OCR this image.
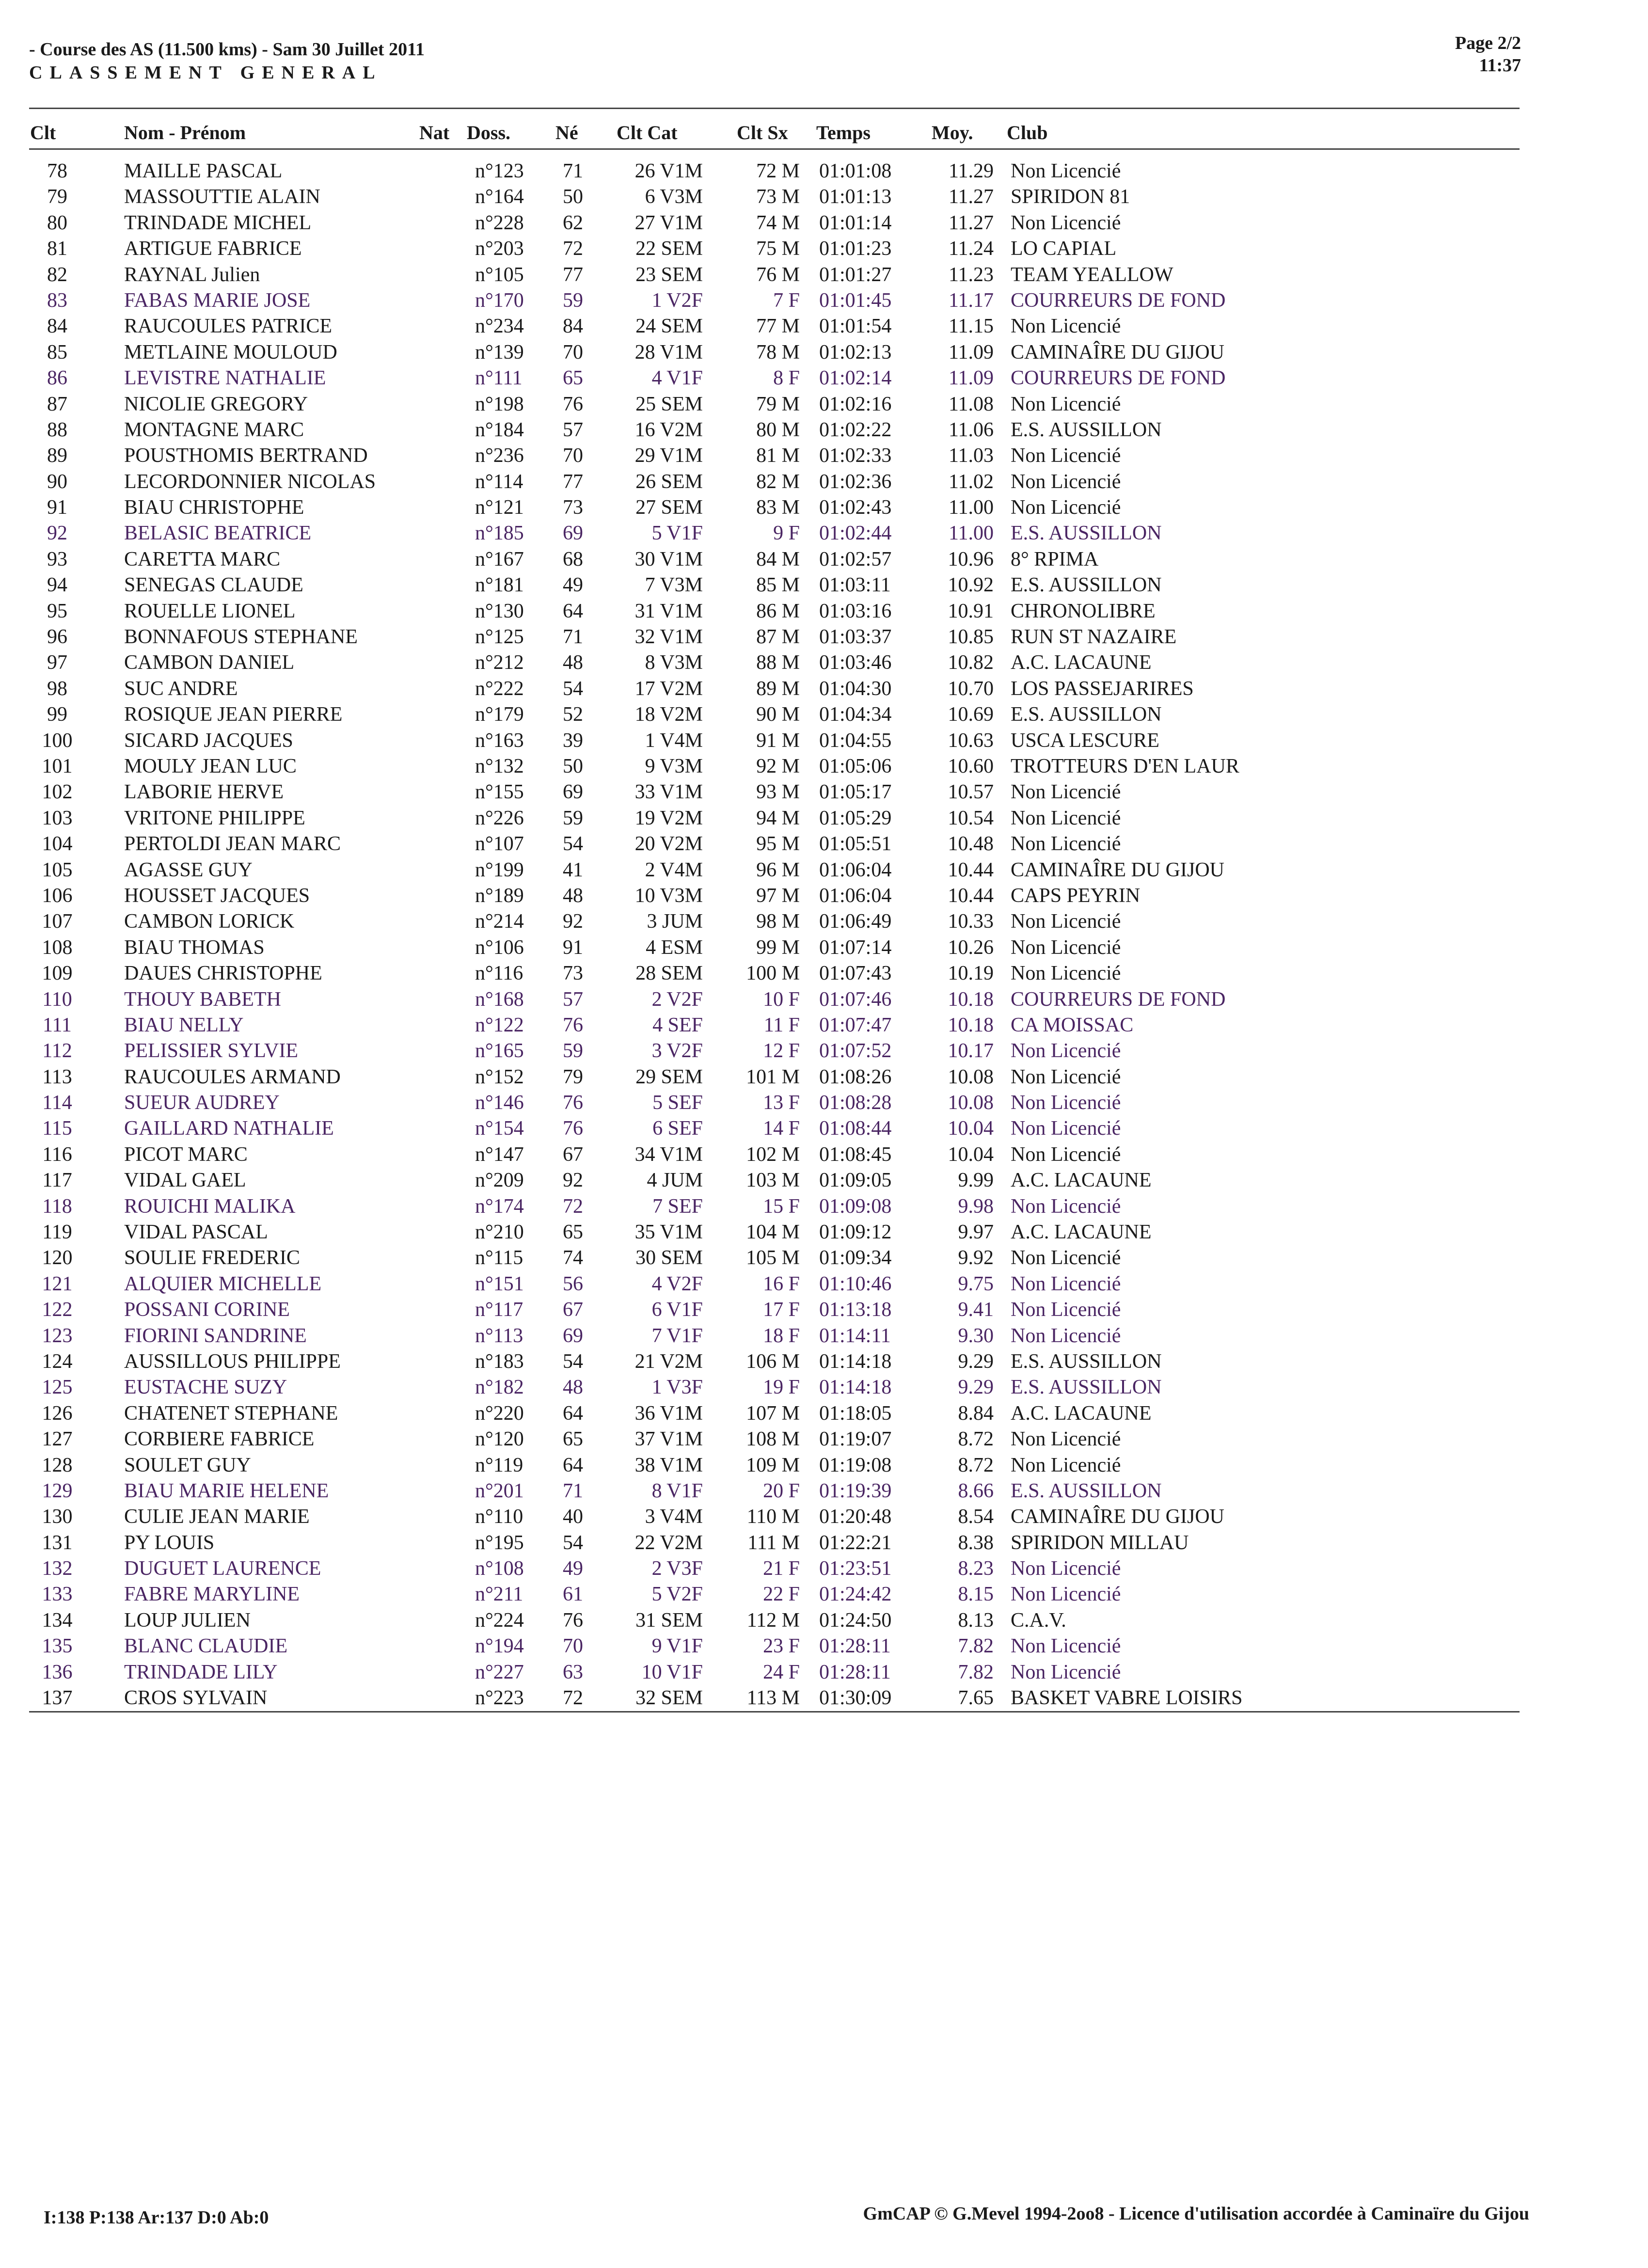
- Course des AS (11.500 kms) - Sam 30 Juillet 2011
CLASSEMENT GENERAL
Page 2/2
11:37
Clt	Nom - Prénom	Nat Doss. Né Clt Cat	Clt Sx Temps	Moy. Club
78	MAILLE PASCAL	n°123 71	26 V1M	72 M 01:01:08	11.29 Non Licencié
79	MASSOUTTIE ALAIN	n°164 50	6 V3M	73 M 01:01:13	11.27 SPIRIDON 81
80	TRINDADE MICHEL	n°228 62	27 V1M	74 M 01:01:14	11.27 Non Licencié
81	ARTIGUE FABRICE	n°203 72	22 SEM	75 M 01:01:23	11.24 LO CAPIAL
82	RAYNAL Julien	n°105 77	23 SEM	76 M 01:01:27	11.23 TEAM YEALLOW
83	FABAS MARIE JOSE	n°170 59	1 V2F	7 F 01:01:45	11.17 COURREURS DE FOND
84	RAUCOULES PATRICE	n°234 84	24 SEM	77 M 01:01:54	11.15 Non Licencié
85	METLAINE MOULOUD	n°139 70	28 V1M	78 M 01:02:13	11.09 CAMINAÎRE DU GIJOU
86	LEVISTRE NATHALIE	n°111 65	4 V1F	8 F 01:02:14	11.09 COURREURS DE FOND
87	NICOLIE GREGORY	n°198 76	25 SEM	79 M 01:02:16	11.08 Non Licencié
88	MONTAGNE MARC	n°184 57	16 V2M	80 M 01:02:22	11.06 E.S. AUSSILLON
89	POUSTHOMIS BERTRAND	n°236 70	29 V1M	81 M 01:02:33	11.03 Non Licencié
90	LECORDONNIER NICOLAS	n°114 77	26 SEM	82 M 01:02:36	11.02 Non Licencié
91	BIAU CHRISTOPHE	n°121 73	27 SEM	83 M 01:02:43	11.00 Non Licencié
92	BELASIC BEATRICE	n°185 69	5 V1F	9 F 01:02:44	11.00 E.S. AUSSILLON
93	CARETTA MARC	n°167 68	30 V1M	84 M 01:02:57	10.96 8° RPIMA
94	SENEGAS CLAUDE	n°181 49	7 V3M	85 M 01:03:11	10.92 E.S. AUSSILLON
95	ROUELLE LIONEL	n°130 64	31 V1M	86 M 01:03:16	10.91 CHRONOLIBRE
96	BONNAFOUS STEPHANE	n°125 71	32 V1M	87 M 01:03:37	10.85 RUN ST NAZAIRE
97	CAMBON DANIEL	n°212 48	8 V3M	88 M 01:03:46	10.82 A.C. LACAUNE
98	SUC ANDRE	n°222 54	17 V2M	89 M 01:04:30	10.70 LOS PASSEJARIRES
99	ROSIQUE JEAN PIERRE	n°179 52	18 V2M	90 M 01:04:34	10.69 E.S. AUSSILLON
100	SICARD JACQUES	n°163 39	1 V4M	91 M 01:04:55	10.63 USCA LESCURE
101	MOULY JEAN LUC	n°132 50	9 V3M	92 M 01:05:06	10.60 TROTTEURS D'EN LAUR
102	LABORIE HERVE	n°155 69	33 V1M	93 M 01:05:17	10.57 Non Licencié
103	VRITONE PHILIPPE	n°226 59	19 V2M	94 M 01:05:29	10.54 Non Licencié
104	PERTOLDI JEAN MARC	n°107 54	20 V2M	95 M 01:05:51	10.48 Non Licencié
105	AGASSE GUY	n°199 41	2 V4M	96 M 01:06:04	10.44 CAMINAÎRE DU GIJOU
106	HOUSSET JACQUES	n°189 48	10 V3M	97 M 01:06:04	10.44 CAPS PEYRIN
107	CAMBON LORICK	n°214 92	3 JUM	98 M 01:06:49	10.33 Non Licencié
108	BIAU THOMAS	n°106 91	4 ESM	99 M 01:07:14	10.26 Non Licencié
109	DAUES CHRISTOPHE	n°116 73	28 SEM	100 M 01:07:43	10.19 Non Licencié
110	THOUY BABETH	n°168 57	2 V2F	10 F 01:07:46	10.18 COURREURS DE FOND
111	BIAU NELLY	n°122 76	4 SEF	11 F 01:07:47	10.18 CA MOISSAC
112	PELISSIER SYLVIE	n°165 59	3 V2F	12 F 01:07:52	10.17 Non Licencié
113	RAUCOULES ARMAND	n°152 79	29 SEM	101 M 01:08:26	10.08 Non Licencié
114	SUEUR AUDREY	n°146 76	5 SEF	13 F 01:08:28	10.08 Non Licencié
115	GAILLARD NATHALIE	n°154 76	6 SEF	14 F 01:08:44	10.04 Non Licencié
116	PICOT MARC	n°147 67	34 V1M	102 M 01:08:45	10.04 Non Licencié
117	VIDAL GAEL	n°209 92	4 JUM	103 M 01:09:05	9.99 A.C. LACAUNE
118	ROUICHI MALIKA	n°174 72	7 SEF	15 F 01:09:08	9.98 Non Licencié
119	VIDAL PASCAL	n°210 65	35 V1M	104 M 01:09:12	9.97 A.C. LACAUNE
120	SOULIE FREDERIC	n°115 74	30 SEM	105 M 01:09:34	9.92 Non Licencié
121	ALQUIER MICHELLE	n°151 56	4 V2F	16 F 01:10:46	9.75 Non Licencié
122	POSSANI CORINE	n°117 67	6 V1F	17 F 01:13:18	9.41 Non Licencié
123	FIORINI SANDRINE	n°113 69	7 V1F	18 F 01:14:11	9.30 Non Licencié
124	AUSSILLOUS PHILIPPE	n°183 54	21 V2M	106 M 01:14:18	9.29 E.S. AUSSILLON
125	EUSTACHE SUZY	n°182 48	1 V3F	19 F 01:14:18	9.29 E.S. AUSSILLON
126	CHATENET STEPHANE	n°220 64	36 V1M	107 M 01:18:05	8.84 A.C. LACAUNE
127	CORBIERE FABRICE	n°120 65	37 V1M	108 M 01:19:07	8.72 Non Licencié
128	SOULET GUY	n°119 64	38 V1M	109 M 01:19:08	8.72 Non Licencié
129	BIAU MARIE HELENE	n°201 71	8 V1F	20 F 01:19:39	8.66 E.S. AUSSILLON
130	CULIE JEAN MARIE	n°110 40	3 V4M	110 M 01:20:48	8.54 CAMINAÎRE DU GIJOU
131	PY LOUIS	n°195 54	22 V2M	111 M 01:22:21	8.38 SPIRIDON MILLAU
132	DUGUET LAURENCE	n°108 49	2 V3F	21 F 01:23:51	8.23 Non Licencié
133	FABRE MARYLINE	n°211 61	5 V2F	22 F 01:24:42	8.15 Non Licencié
134	LOUP JULIEN	n°224 76	31 SEM	112 M 01:24:50	8.13 C.A.V.
135	BLANC CLAUDIE	n°194 70	9 V1F	23 F 01:28:11	7.82 Non Licencié
136	TRINDADE LILY	n°227 63	10 V1F	24 F 01:28:11	7.82 Non Licencié
137	CROS SYLVAIN	n°223 72	32 SEM	113 M 01:30:09	7.65 BASKET VABRE LOISIRS
I:138 P:138 Ar:137 D:0 Ab:0	GmCAP © G.Mevel 1994-2oo8 - Licence d'utilisation accordée à Caminaïre du Gijou
